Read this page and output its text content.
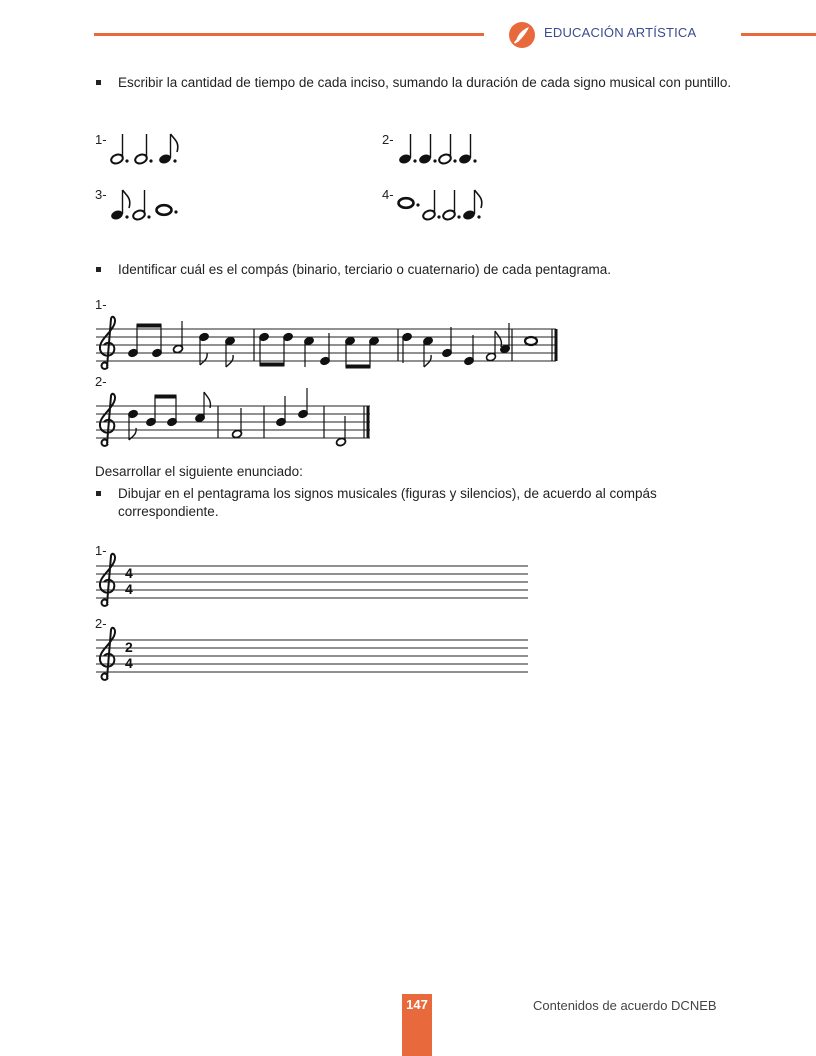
EDUCACIÓN ARTÍSTICA
Escribir la cantidad de tiempo de cada inciso, sumando la duración de cada signo musical con puntillo.
1-	2-
3-	4-
Identificar cuál es el compás (binario, terciario o cuaternario) de cada pentagrama.
1-
2-
Desarrollar el siguiente enunciado:
Dibujar en el pentagrama los signos musicales (figuras y silencios), de acuerdo al compás correspondiente.
1-
4
4
2-
2
4
147	Contenidos de acuerdo DCNEB
